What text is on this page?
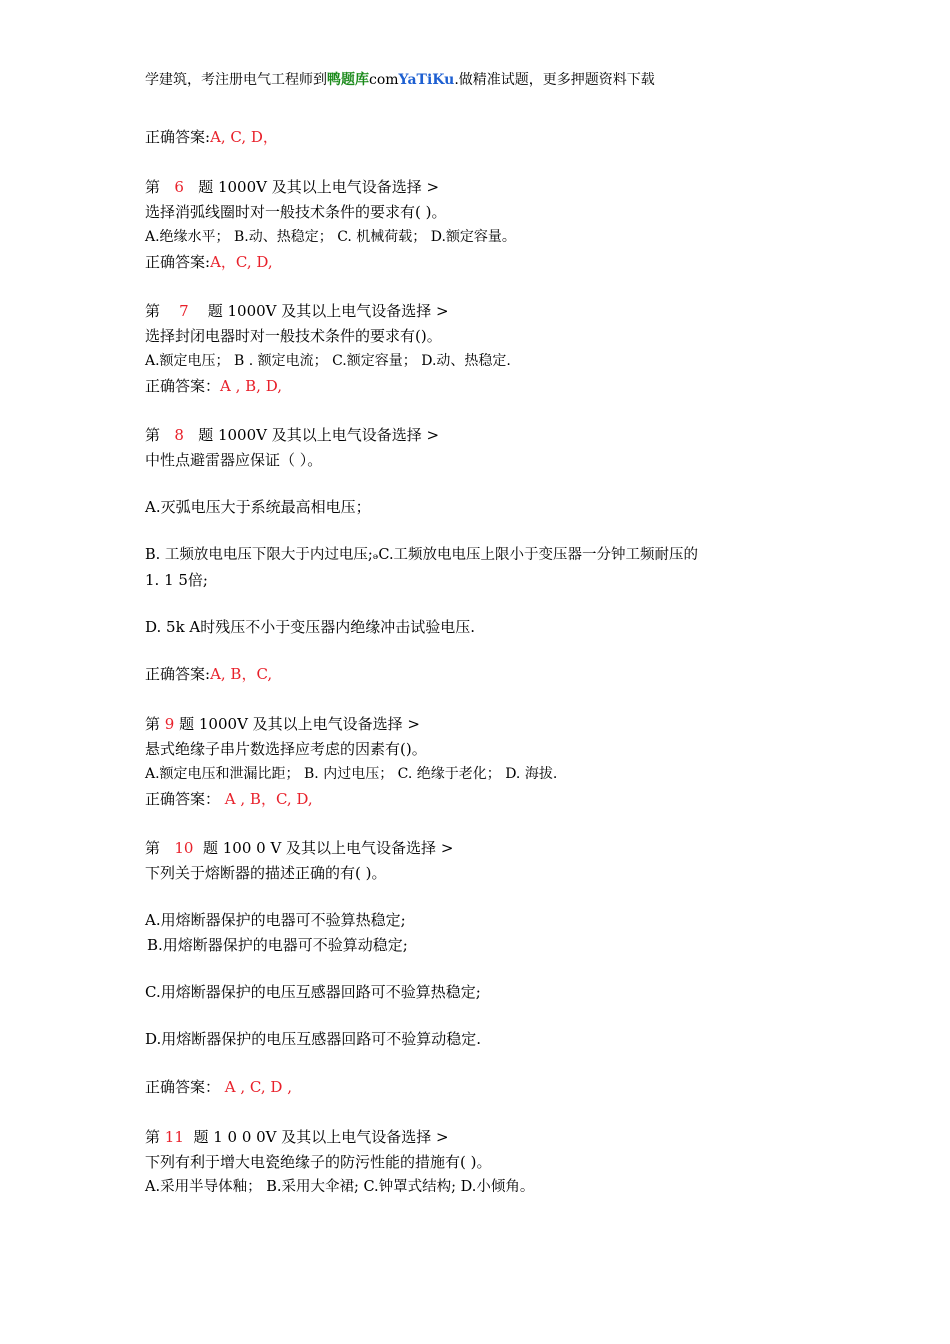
学建筑，考注册电气工程师到鸭题库comYaTiKu.做精准试题，更多押题资料下载
正确答案:A, C, D，
第 6 题 1000V 及其以上电气设备选择 >
选择消弧线圈时对一般技术条件的要求有( )。
A.绝缘水平； B.动、热稳定； C. 机械荷载； D.额定容量。
正确答案:A，C, D,
第 7 题 1000V 及其以上电气设备选择 >
选择封闭电器时对一般技术条件的要求有()。
A.额定电压； B . 额定电流； C.额定容量； D.动、热稳定.
正确答案：A , B, D,
第 8 题 1000V 及其以上电气设备选择 >
中性点避雷器应保证（ ）。
A.灭弧电压大于系统最高相电压；
B. 工频放电电压下限大于内过电压;ₔC.工频放电电压上限小于变压器一分钟工频耐压的
1. 1 5倍;
D. 5k A时残压不小于变压器内绝缘冲击试验电压.
正确答案:A, B，C,
第 9 题 1000V 及其以上电气设备选择 >
悬式绝缘子串片数选择应考虑的因素有()。
A.额定电压和泄漏比距； B. 内过电压； C. 绝缘于老化； D. 海拔.
正确答案： A , B，C, D,
第 10 题 100 0 V 及其以上电气设备选择 >
下列关于熔断器的描述正确的有( )。
A.用熔断器保护的电器可不验算热稳定;
B.用熔断器保护的电器可不验算动稳定;
C.用熔断器保护的电压互感器回路可不验算热稳定;
D.用熔断器保护的电压互感器回路可不验算动稳定.
正确答案： A , C, D ,
第 11 题 1 0 0 0V 及其以上电气设备选择 >
下列有利于增大电瓷绝缘子的防污性能的措施有( )。
A.采用半导体釉； B.采用大伞裙; C.钟罩式结构; D.小倾角。
